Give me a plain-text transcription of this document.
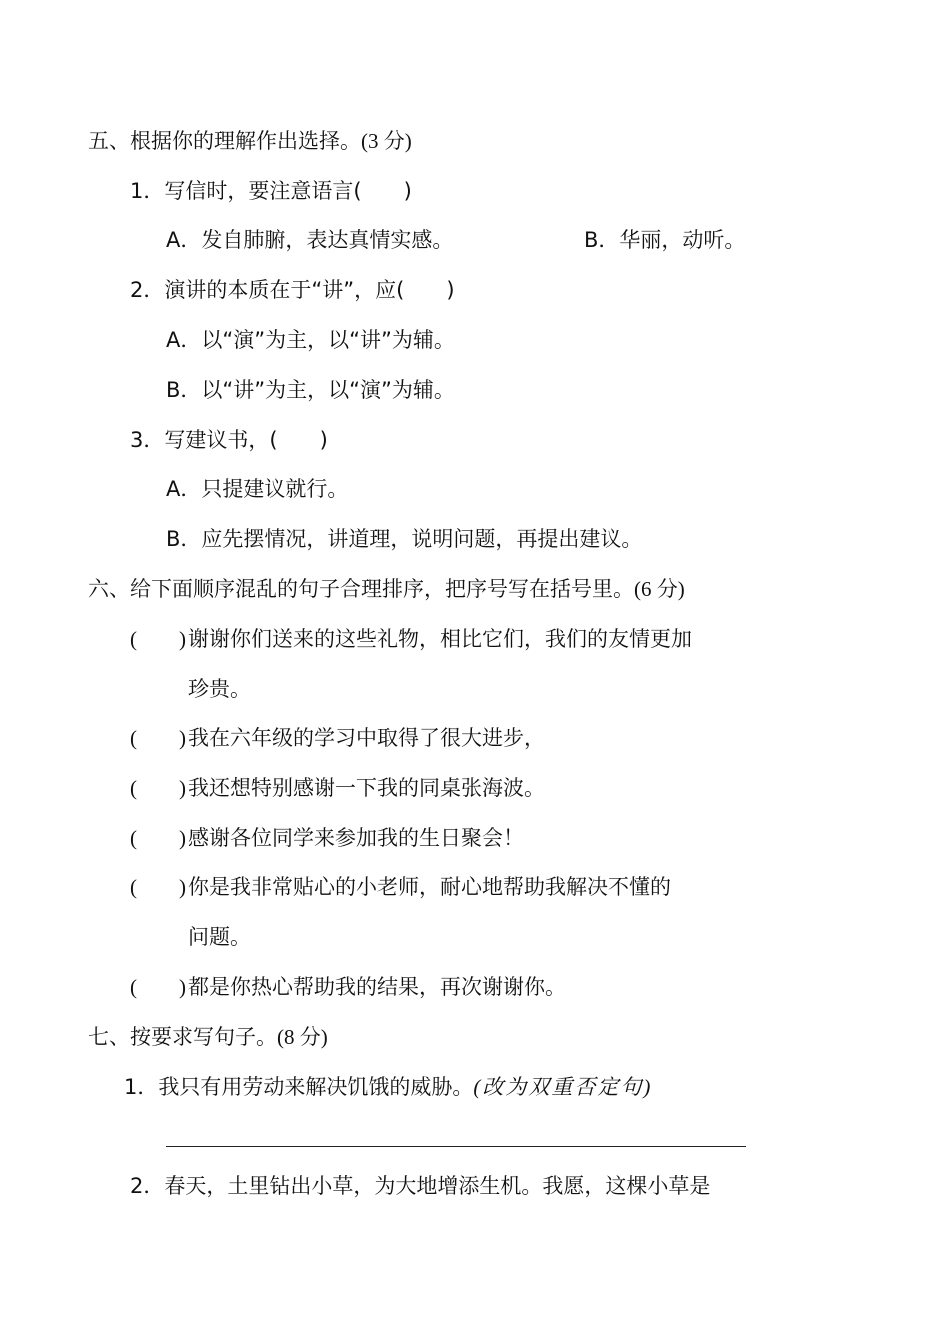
五、根据你的理解作出选择。(3 分)
1．写信时，要注意语言(　　)
A．发自肺腑，表达真情实感。	B．华丽，动听。
2．演讲的本质在于“讲”，应(　　)
A．以“演”为主，以“讲”为辅。
B．以“讲”为主，以“演”为辅。
3．写建议书，(　　)
A．只提建议就行。
B．应先摆情况，讲道理，说明问题，再提出建议。
六、给下面顺序混乱的句子合理排序，把序号写在括号里。(6 分)
(　　)谢谢你们送来的这些礼物，相比它们，我们的友情更加
珍贵。
(　　)我在六年级的学习中取得了很大进步，
(　　)我还想特别感谢一下我的同桌张海波。
(　　)感谢各位同学来参加我的生日聚会！
(　　)你是我非常贴心的小老师，耐心地帮助我解决不懂的
问题。
(　　)都是你热心帮助我的结果，再次谢谢你。
七、按要求写句子。(8 分)
1．我只有用劳动来解决饥饿的威胁。(改为双重否定句)
2．春天，土里钻出小草，为大地增添生机。我愿，这棵小草是
